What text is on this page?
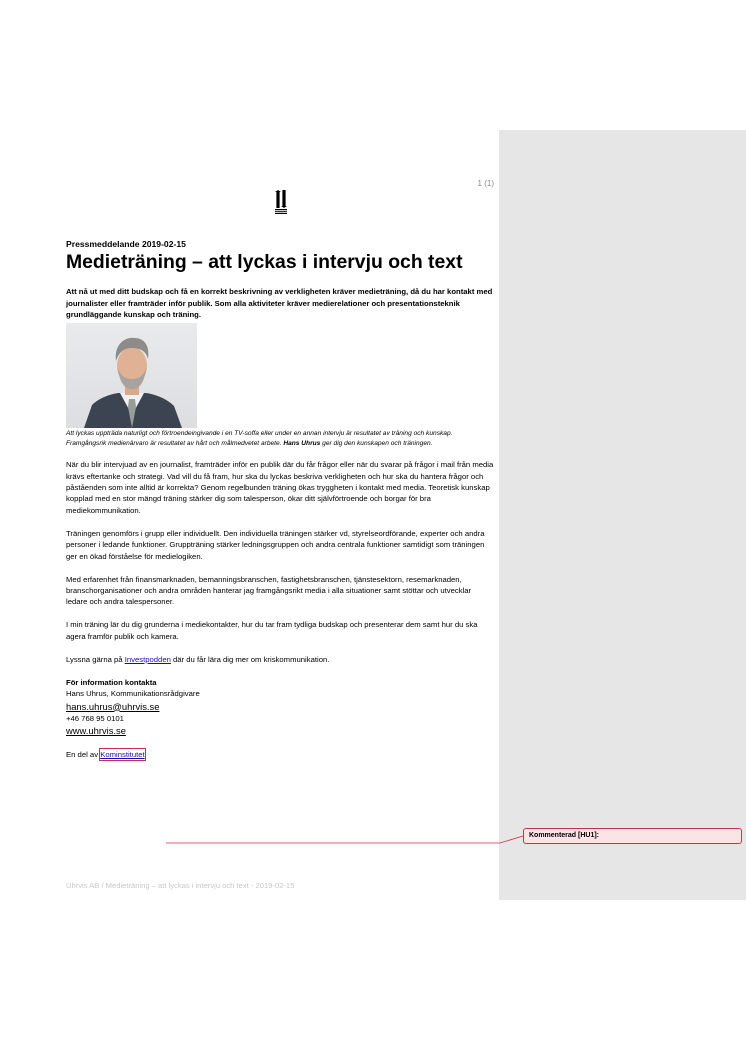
1 (1)

Pressmeddelande 2019-02-15

Medieträning – att lyckas i intervju och text

Att nå ut med ditt budskap och få en korrekt beskrivning av verkligheten kräver medieträning, då du har kontakt med journalister eller framträder inför publik. Som alla aktiviteter kräver medierelationer och presentationsteknik grundläggande kunskap och träning.

Att lyckas uppträda naturligt och förtroendeingivande i en TV-soffa eller under en annan intervju är resultatet av träning och kunskap. Framgångsrik medienärvaro är resultatet av hårt och målmedvetet arbete. Hans Uhrus ger dig den kunskapen och träningen.

När du blir intervjuad av en journalist, framträder inför en publik där du får frågor eller när du svarar på frågor i mail från media krävs eftertanke och strategi. Vad vill du få fram, hur ska du lyckas beskriva verkligheten och hur ska du hantera frågor och påståenden som inte alltid är korrekta? Genom regelbunden träning ökas tryggheten i kontakt med media. Teoretisk kunskap kopplad med en stor mängd träning stärker dig som talesperson, ökar ditt självförtroende och borgar för bra mediekommunikation.

Träningen genomförs i grupp eller individuellt. Den individuella träningen stärker vd, styrelseordförande, experter och andra personer i ledande funktioner. Gruppträning stärker ledningsgruppen och andra centrala funktioner samtidigt som träningen ger en ökad förståelse för medielogiken.

Med erfarenhet från finansmarknaden, bemanningsbranschen, fastighetsbranschen, tjänstesektorn, resemarknaden, branschorganisationer och andra områden hanterar jag framgångsrikt media i alla situationer samt stöttar och utvecklar ledare och andra talespersoner.

I min träning lär du dig grunderna i mediekontakter, hur du tar fram tydliga budskap och presenterar dem samt hur du ska agera framför publik och kamera.

Lyssna gärna på Investpodden där du får lära dig mer om kriskommunikation.

För information kontakta
Hans Uhrus, Kommunikationsrådgivare
hans.uhrus@uhrvis.se
+46 768 95 0101
www.uhrvis.se
En del av Kominstitutet
Kommenterad [HU1]:
Uhrvis AB / Medieträning – att lyckas i intervju och text - 2019-02-15
